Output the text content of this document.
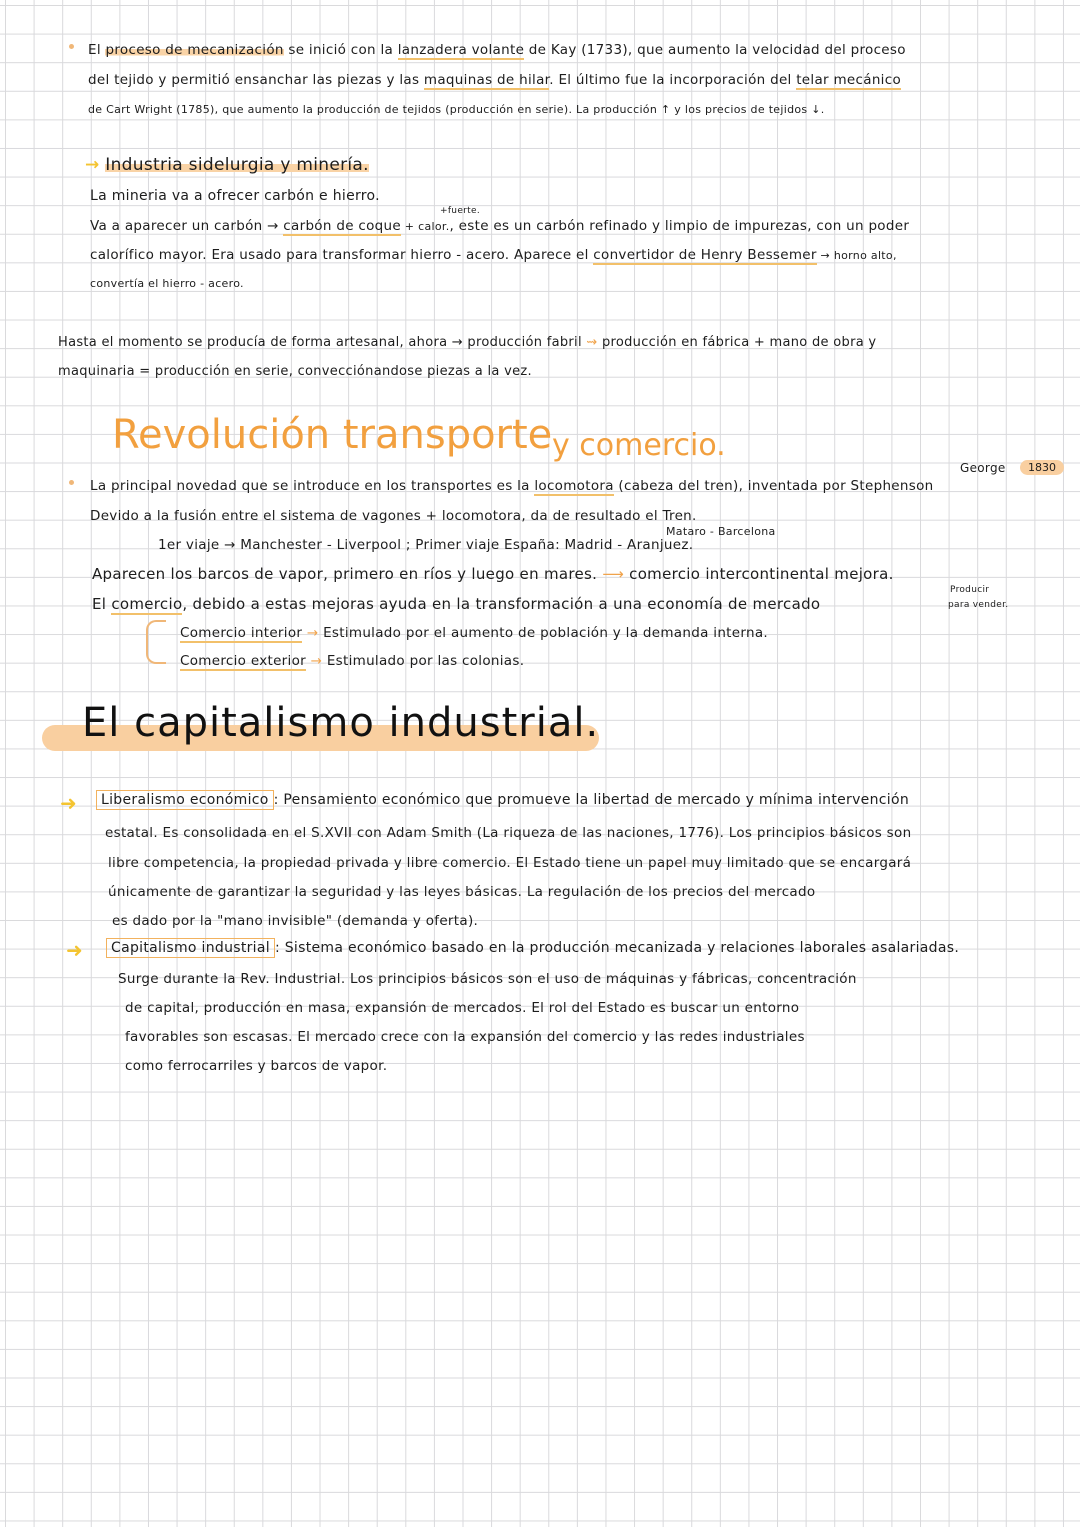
El proceso de mecanización se inició con la lanzadera volante de Kay (1733), que aumento la velocidad del proceso
del tejido y permitió ensanchar las piezas y las maquinas de hilar. El último fue la incorporación del telar mecánico
de Cart Wright (1785), que aumento la producción de tejidos (producción en serie). La producción ↑ y los precios de tejidos ↓.
→ Industria sidelurgia y minería.
La mineria va a ofrecer carbón e hierro.
+fuerte.
Va a aparecer un carbón → carbón de coque + calor., este es un carbón refinado y limpio de impurezas, con un poder
calorífico mayor. Era usado para transformar hierro - acero. Aparece el convertidor de Henry Bessemer → horno alto,
convertía el hierro - acero.
Hasta el momento se producía de forma artesanal, ahora → producción fabril ⇝ producción en fábrica + mano de obra y
maquinaria = producción en serie, convecciónandose piezas a la vez.
Revolución transporte y comercio.
George	1830
La principal novedad que se introduce en los transportes es la locomotora (cabeza del tren), inventada por Stephenson
Devido a la fusión entre el sistema de vagones + locomotora, da de resultado el Tren.
Mataro - Barcelona
1er viaje → Manchester - Liverpool ; Primer viaje España: Madrid - Aranjuez.
Aparecen los barcos de vapor, primero en ríos y luego en mares. ⟶ comercio intercontinental mejora.
Producir
El comercio, debido a estas mejoras ayuda en la transformación a una economía de mercado	para vender.
Comercio interior → Estimulado por el aumento de población y la demanda interna.
Comercio exterior → Estimulado por las colonias.
El capitalismo industrial.
➜	Liberalismo económico : Pensamiento económico que promueve la libertad de mercado y mínima intervención
estatal. Es consolidada en el S.XVII con Adam Smith (La riqueza de las naciones, 1776). Los principios básicos son
libre competencia, la propiedad privada y libre comercio. El Estado tiene un papel muy limitado que se encargará
únicamente de garantizar la seguridad y las leyes básicas. La regulación de los precios del mercado
es dado por la "mano invisible" (demanda y oferta).
➜	Capitalismo industrial : Sistema económico basado en la producción mecanizada y relaciones laborales asalariadas.
Surge durante la Rev. Industrial. Los principios básicos son el uso de máquinas y fábricas, concentración
de capital, producción en masa, expansión de mercados. El rol del Estado es buscar un entorno
favorables son escasas. El mercado crece con la expansión del comercio y las redes industriales
como ferrocarriles y barcos de vapor.
